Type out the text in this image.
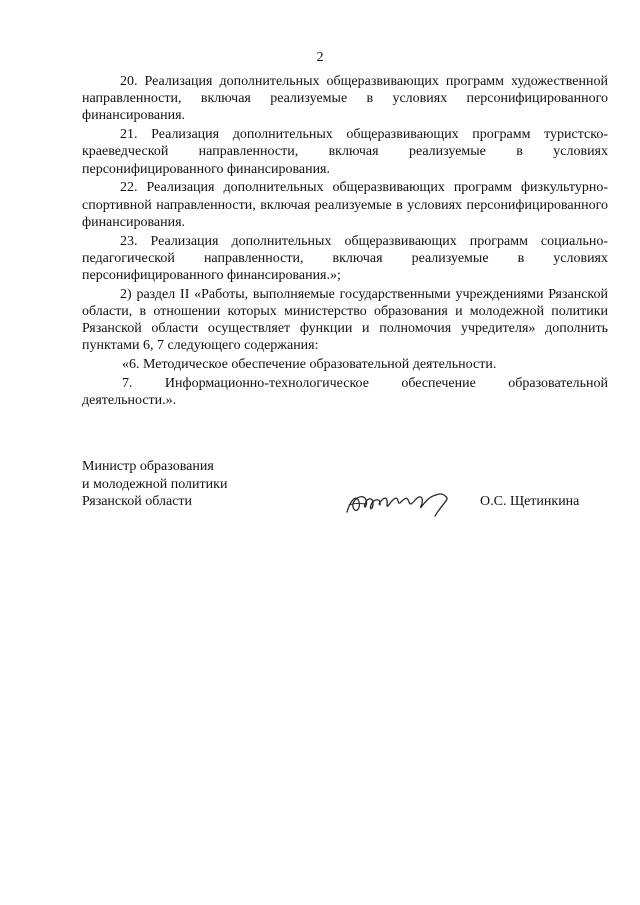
2

20. Реализация дополнительных общеразвивающих программ художественной направленности, включая реализуемые в условиях персонифицированного финансирования.

21. Реализация дополнительных общеразвивающих программ туристско-краеведческой направленности, включая реализуемые в условиях персонифицированного финансирования.

22. Реализация дополнительных общеразвивающих программ физкультурно-спортивной направленности, включая реализуемые в условиях персонифицированного финансирования.

23. Реализация дополнительных общеразвивающих программ социально-педагогической направленности, включая реализуемые в условиях персонифицированного финансирования.»;

2) раздел II «Работы, выполняемые государственными учреждениями Рязанской области, в отношении которых министерство образования и молодежной политики Рязанской области осуществляет функции и полномочия учредителя» дополнить пунктами 6, 7 следующего содержания:

«6. Методическое обеспечение образовательной деятельности.

7. Информационно-технологическое обеспечение образовательной деятельности.».

Министр образования
и молодежной политики
Рязанской области	О.С. Щетинкина
